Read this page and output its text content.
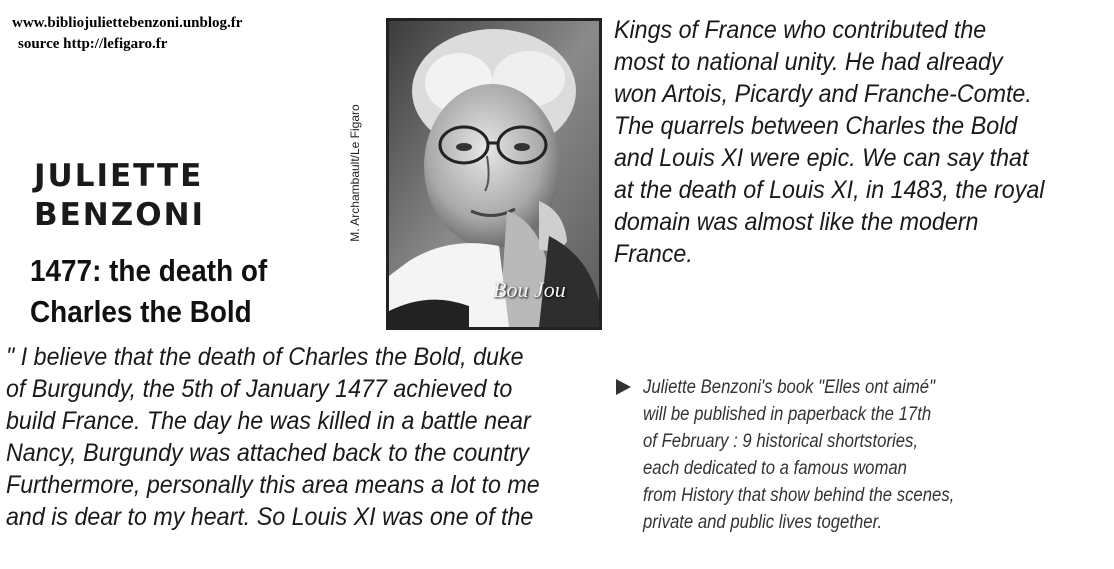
www.bibliojuliettebenzoni.unblog.fr
source http://lefigaro.fr
JULIETTE
BENZONI
1477: the death of
Charles the Bold
Bou Jou
M. Archambault/Le Figaro
" I believe that the death of Charles the Bold, duke
of Burgundy, the 5th of January 1477 achieved to
build France. The day he was killed in a battle near
Nancy, Burgundy was attached back to the country
Furthermore, personally this area means a lot to me
and is dear to my heart. So Louis XI was one of the
Kings of France who contributed the
most to national unity. He had already
won Artois, Picardy and Franche-Comte.
The quarrels between Charles the Bold
and Louis XI were epic. We can say that
at the death of Louis XI, in 1483, the royal
domain was almost like the modern
France.
Juliette Benzoni's book "Elles ont aimé"
will be published in paperback the 17th
of February : 9 historical shortstories,
each dedicated to a famous woman
from History that show behind the scenes,
private and public lives together.
